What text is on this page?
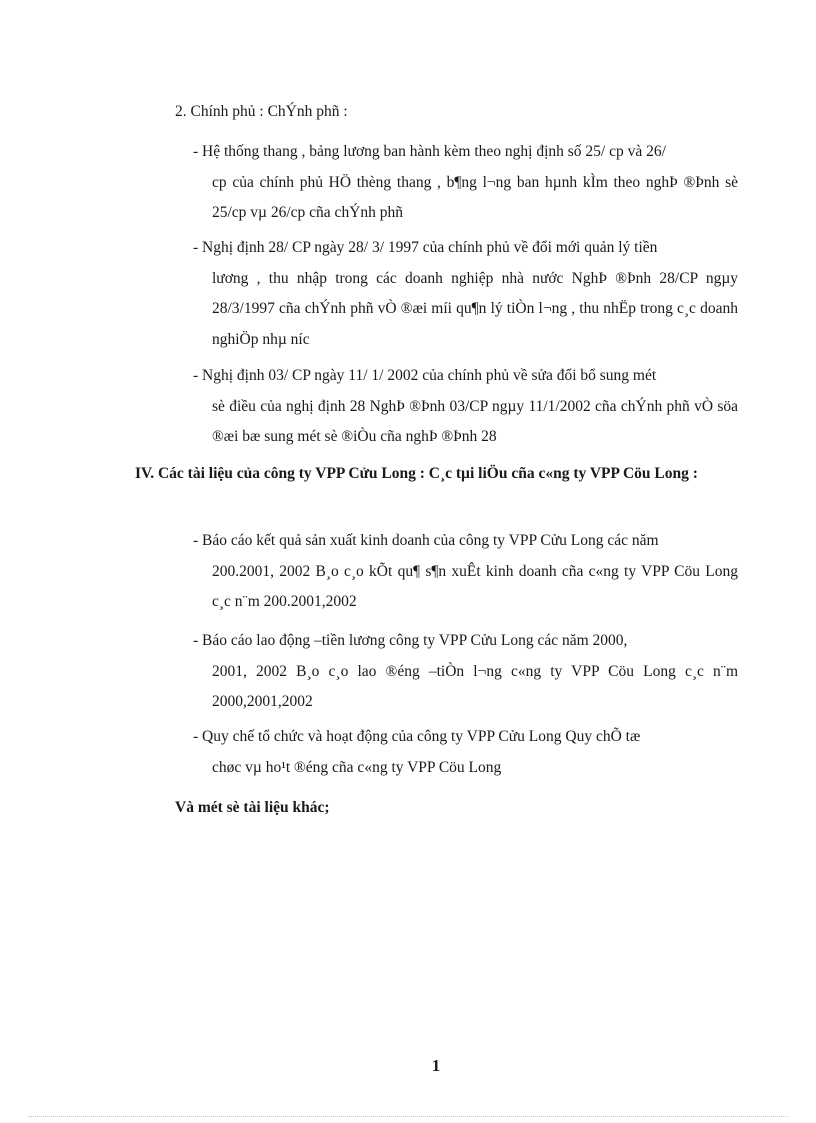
2. Chính phủ : ChÝnh phñ :
- Hệ thống thang , bảng lương ban hành kèm theo nghị định số 25/ cp và 26/
cp của chính phủ HÖ thèng thang , b¶ng l¬ng ban hµnh kÌm theo nghÞ ®Þnh sè 25/cp vµ 26/cp cña chÝnh phñ
- Nghị định 28/ CP ngày 28/ 3/ 1997 của chính phủ về đổi mới quản lý tiền
lương , thu nhập trong các doanh nghiệp nhà nước NghÞ ®Þnh 28/CP ngµy 28/3/1997 cña chÝnh phñ vÒ ®æi míi qu¶n lý tiÒn l¬ng , thu nhËp trong c¸c doanh nghiÖp nhµ níc
- Nghị định 03/ CP ngày 11/ 1/ 2002 của chính phủ về sửa đổi bổ sung mét
sè điều của nghị định 28 NghÞ ®Þnh 03/CP ngµy 11/1/2002 cña chÝnh phñ vÒ söa ®æi bæ sung mét sè ®iÒu cña nghÞ ®Þnh 28
IV. Các tài liệu của công ty VPP Cửu Long : C¸c tµi liÖu cña c«ng ty VPP Cöu Long :
- Báo cáo kết quả sản xuất kinh doanh của công ty VPP Cửu Long các năm
200.2001, 2002 B¸o c¸o kÕt qu¶ s¶n xuÊt kinh doanh cña c«ng ty VPP Cöu Long c¸c n¨m 200.2001,2002
- Báo cáo lao động –tiền lương công ty VPP Cửu Long các năm 2000,
2001, 2002 B¸o c¸o lao ®éng –tiÒn l¬ng c«ng ty VPP Cöu Long c¸c n¨m 2000,2001,2002
- Quy chế tổ chức và hoạt động của công ty VPP Cửu Long Quy chÕ tæ
chøc vµ ho¹t ®éng cña c«ng ty VPP Cöu Long
Và mét sè tài liệu khác;
1
